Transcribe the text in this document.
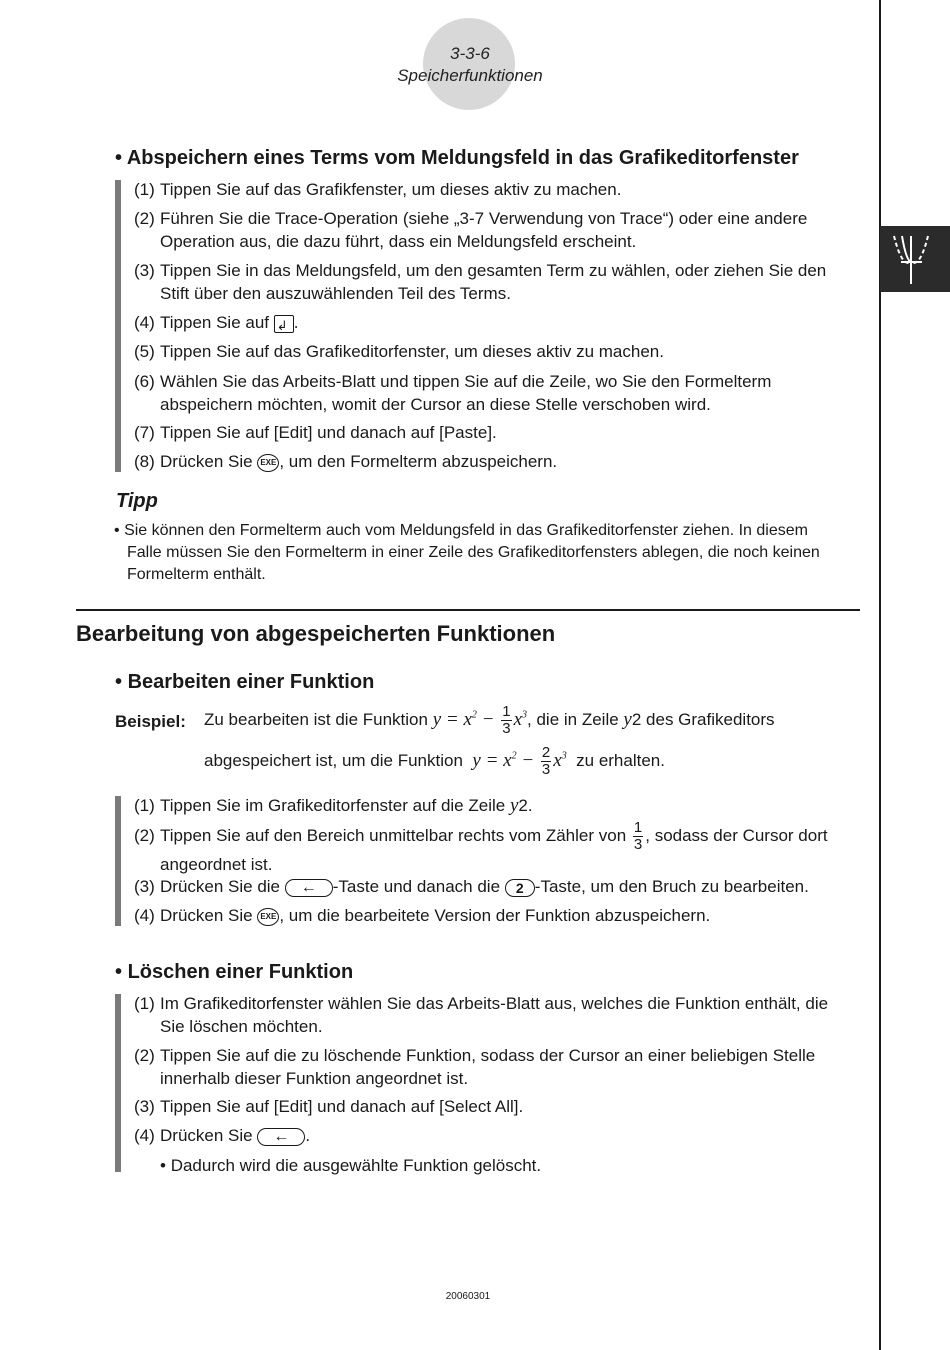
3-3-6
Speicherfunktionen
• Abspeichern eines Terms vom Meldungsfeld in das Grafikeditorfenster
(1) Tippen Sie auf das Grafikfenster, um dieses aktiv zu machen.
(2) Führen Sie die Trace-Operation (siehe „3-7 Verwendung von Trace“) oder eine andere
Operation aus, die dazu führt, dass ein Meldungsfeld erscheint.
(3) Tippen Sie in das Meldungsfeld, um den gesamten Term zu wählen, oder ziehen Sie den
Stift über den auszuwählenden Teil des Terms.
(4) Tippen Sie auf ↲ .
(5) Tippen Sie auf das Grafikeditorfenster, um dieses aktiv zu machen.
(6) Wählen Sie das Arbeits-Blatt und tippen Sie auf die Zeile, wo Sie den Formelterm
abspeichern möchten, womit der Cursor an diese Stelle verschoben wird.
(7) Tippen Sie auf [Edit] und danach auf [Paste].
(8) Drücken Sie EXE , um den Formelterm abzuspeichern.
Tipp
• Sie können den Formelterm auch vom Meldungsfeld in das Grafikeditorfenster ziehen. In diesem
Falle müssen Sie den Formelterm in einer Zeile des Grafikeditorfensters ablegen, die noch keinen
Formelterm enthält.
Bearbeitung von abgespeicherten Funktionen
• Bearbeiten einer Funktion
Beispiel: Zu bearbeiten ist die Funktion $y = x^2 - \frac{1}{3} x^3$, die in Zeile y2 des Grafikeditors
abgespeichert ist, um die Funktion $y = x^2 - \frac{2}{3} x^3$ zu erhalten.
(1) Tippen Sie im Grafikeditorfenster auf die Zeile y2.
(2) Tippen Sie auf den Bereich unmittelbar rechts vom Zähler von $\frac{1}{3}$ , sodass der Cursor dort
angeordnet ist.
(3) Drücken Sie die ←	-Taste und danach die 2 -Taste, um den Bruch zu bearbeiten.
(4) Drücken Sie EXE , um die bearbeitete Version der Funktion abzuspeichern.
• Löschen einer Funktion
(1) Im Grafikeditorfenster wählen Sie das Arbeits-Blatt aus, welches die Funktion enthält, die
Sie löschen möchten.
(2) Tippen Sie auf die zu löschende Funktion, sodass der Cursor an einer beliebigen Stelle
innerhalb dieser Funktion angeordnet ist.
(3) Tippen Sie auf [Edit] und danach auf [Select All].
(4) Drücken Sie ←	.
• Dadurch wird die ausgewählte Funktion gelöscht.
20060301
